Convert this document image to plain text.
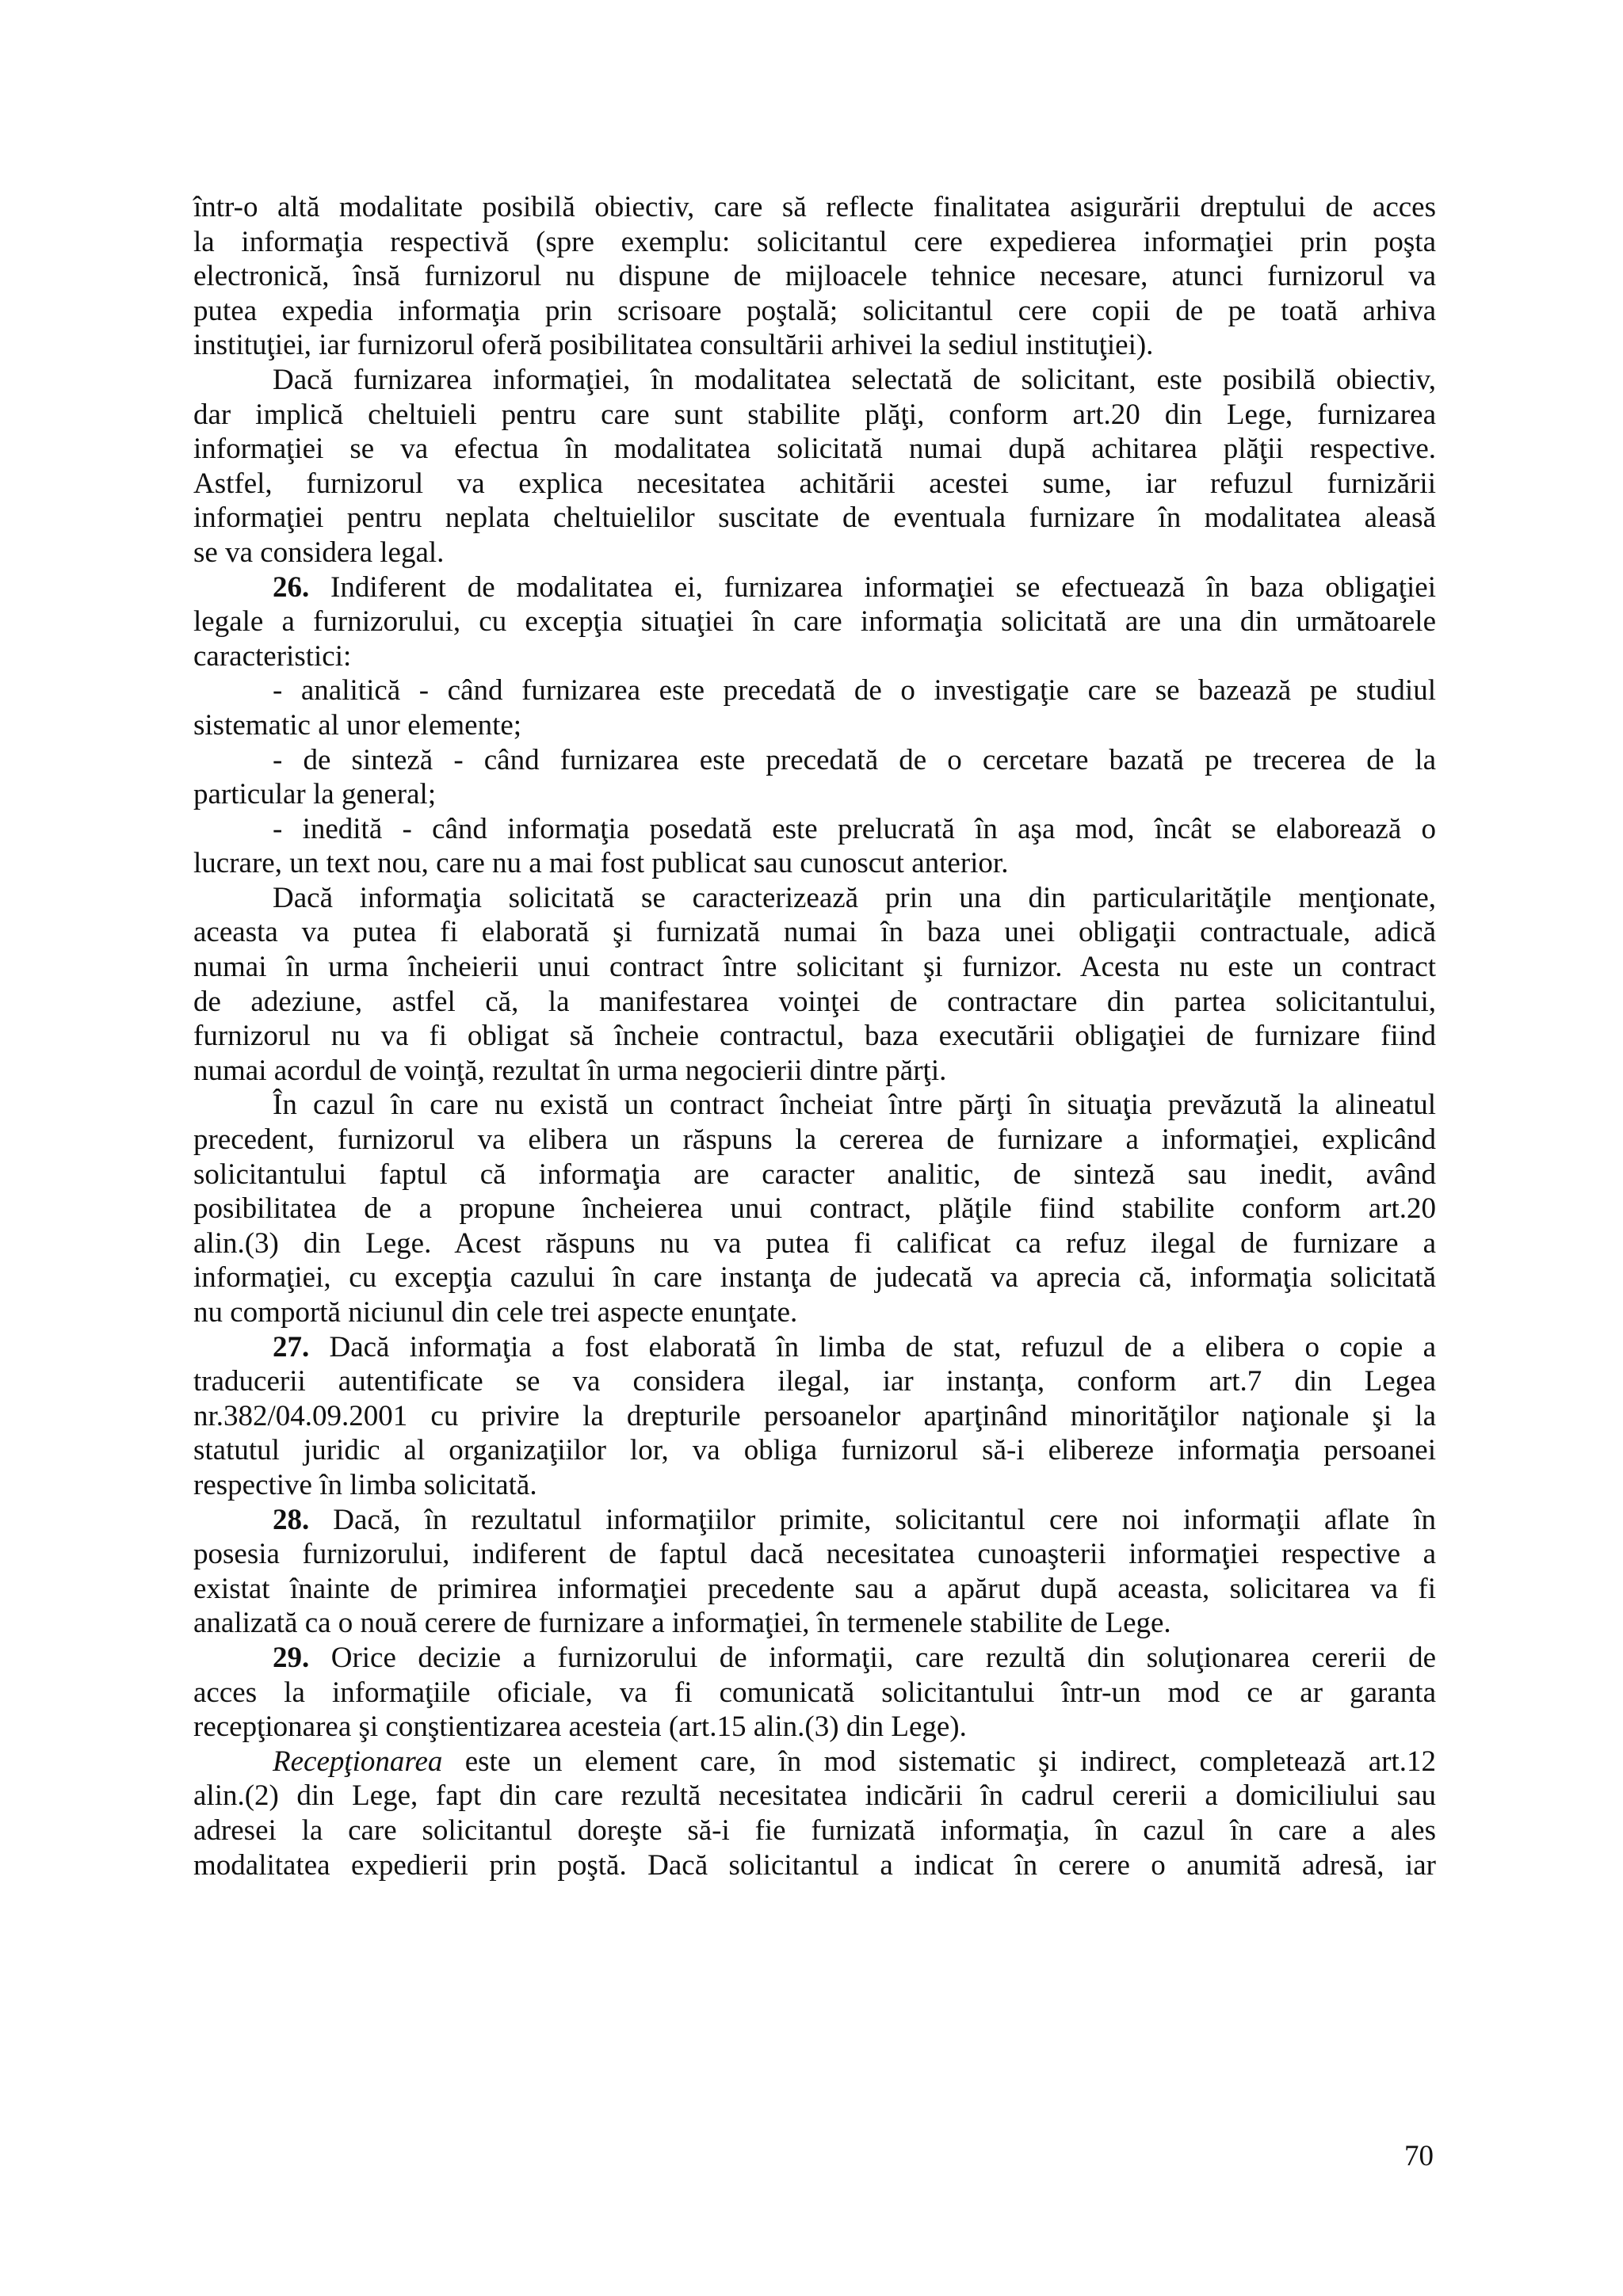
într-o altă modalitate posibilă obiectiv, care să reflecte finalitatea asigurării dreptului de acces
la informaţia respectivă (spre exemplu: solicitantul cere expedierea informaţiei prin poşta
electronică, însă furnizorul nu dispune de mijloacele tehnice necesare, atunci furnizorul va
putea expedia informaţia prin scrisoare poştală; solicitantul cere copii de pe toată arhiva
instituţiei, iar furnizorul oferă posibilitatea consultării arhivei la sediul instituţiei).
Dacă furnizarea informaţiei, în modalitatea selectată de solicitant, este posibilă obiectiv,
dar implică cheltuieli pentru care sunt stabilite plăţi, conform art.20 din Lege, furnizarea
informaţiei se va efectua în modalitatea solicitată numai după achitarea plăţii respective.
Astfel, furnizorul va explica necesitatea achitării acestei sume, iar refuzul furnizării
informaţiei pentru neplata cheltuielilor suscitate de eventuala furnizare în modalitatea aleasă
se va considera legal.
26. Indiferent de modalitatea ei, furnizarea informaţiei se efectuează în baza obligaţiei
legale a furnizorului, cu excepţia situaţiei în care informaţia solicitată are una din următoarele
caracteristici:
- analitică - când furnizarea este precedată de o investigaţie care se bazează pe studiul
sistematic al unor elemente;
- de sinteză - când furnizarea este precedată de o cercetare bazată pe trecerea de la
particular la general;
- inedită - când informaţia posedată este prelucrată în aşa mod, încât se elaborează o
lucrare, un text nou, care nu a mai fost publicat sau cunoscut anterior.
Dacă informaţia solicitată se caracterizează prin una din particularităţile menţionate,
aceasta va putea fi elaborată şi furnizată numai în baza unei obligaţii contractuale, adică
numai în urma încheierii unui contract între solicitant şi furnizor. Acesta nu este un contract
de adeziune, astfel că, la manifestarea voinţei de contractare din partea solicitantului,
furnizorul nu va fi obligat să încheie contractul, baza executării obligaţiei de furnizare fiind
numai acordul de voinţă, rezultat în urma negocierii dintre părţi.
În cazul în care nu există un contract încheiat între părţi în situaţia prevăzută la alineatul
precedent, furnizorul va elibera un răspuns la cererea de furnizare a informaţiei, explicând
solicitantului faptul că informaţia are caracter analitic, de sinteză sau inedit, având
posibilitatea de a propune încheierea unui contract, plăţile fiind stabilite conform art.20
alin.(3) din Lege. Acest răspuns nu va putea fi calificat ca refuz ilegal de furnizare a
informaţiei, cu excepţia cazului în care instanţa de judecată va aprecia că, informaţia solicitată
nu comportă niciunul din cele trei aspecte enunţate.
27. Dacă informaţia a fost elaborată în limba de stat, refuzul de a elibera o copie a
traducerii autentificate se va considera ilegal, iar instanţa, conform art.7 din Legea
nr.382/04.09.2001 cu privire la drepturile persoanelor aparţinând minorităţilor naţionale şi la
statutul juridic al organizaţiilor lor, va obliga furnizorul să-i elibereze informaţia persoanei
respective în limba solicitată.
28. Dacă, în rezultatul informaţiilor primite, solicitantul cere noi informaţii aflate în
posesia furnizorului, indiferent de faptul dacă necesitatea cunoaşterii informaţiei respective a
existat înainte de primirea informaţiei precedente sau a apărut după aceasta, solicitarea va fi
analizată ca o nouă cerere de furnizare a informaţiei, în termenele stabilite de Lege.
29. Orice decizie a furnizorului de informaţii, care rezultă din soluţionarea cererii de
acces la informaţiile oficiale, va fi comunicată solicitantului într-un mod ce ar garanta
recepţionarea şi conştientizarea acesteia (art.15 alin.(3) din Lege).
Recepţionarea este un element care, în mod sistematic şi indirect, completează art.12
alin.(2) din Lege, fapt din care rezultă necesitatea indicării în cadrul cererii a domiciliului sau
adresei la care solicitantul doreşte să-i fie furnizată informaţia, în cazul în care a ales
modalitatea expedierii prin poştă. Dacă solicitantul a indicat în cerere o anumită adresă, iar
70
